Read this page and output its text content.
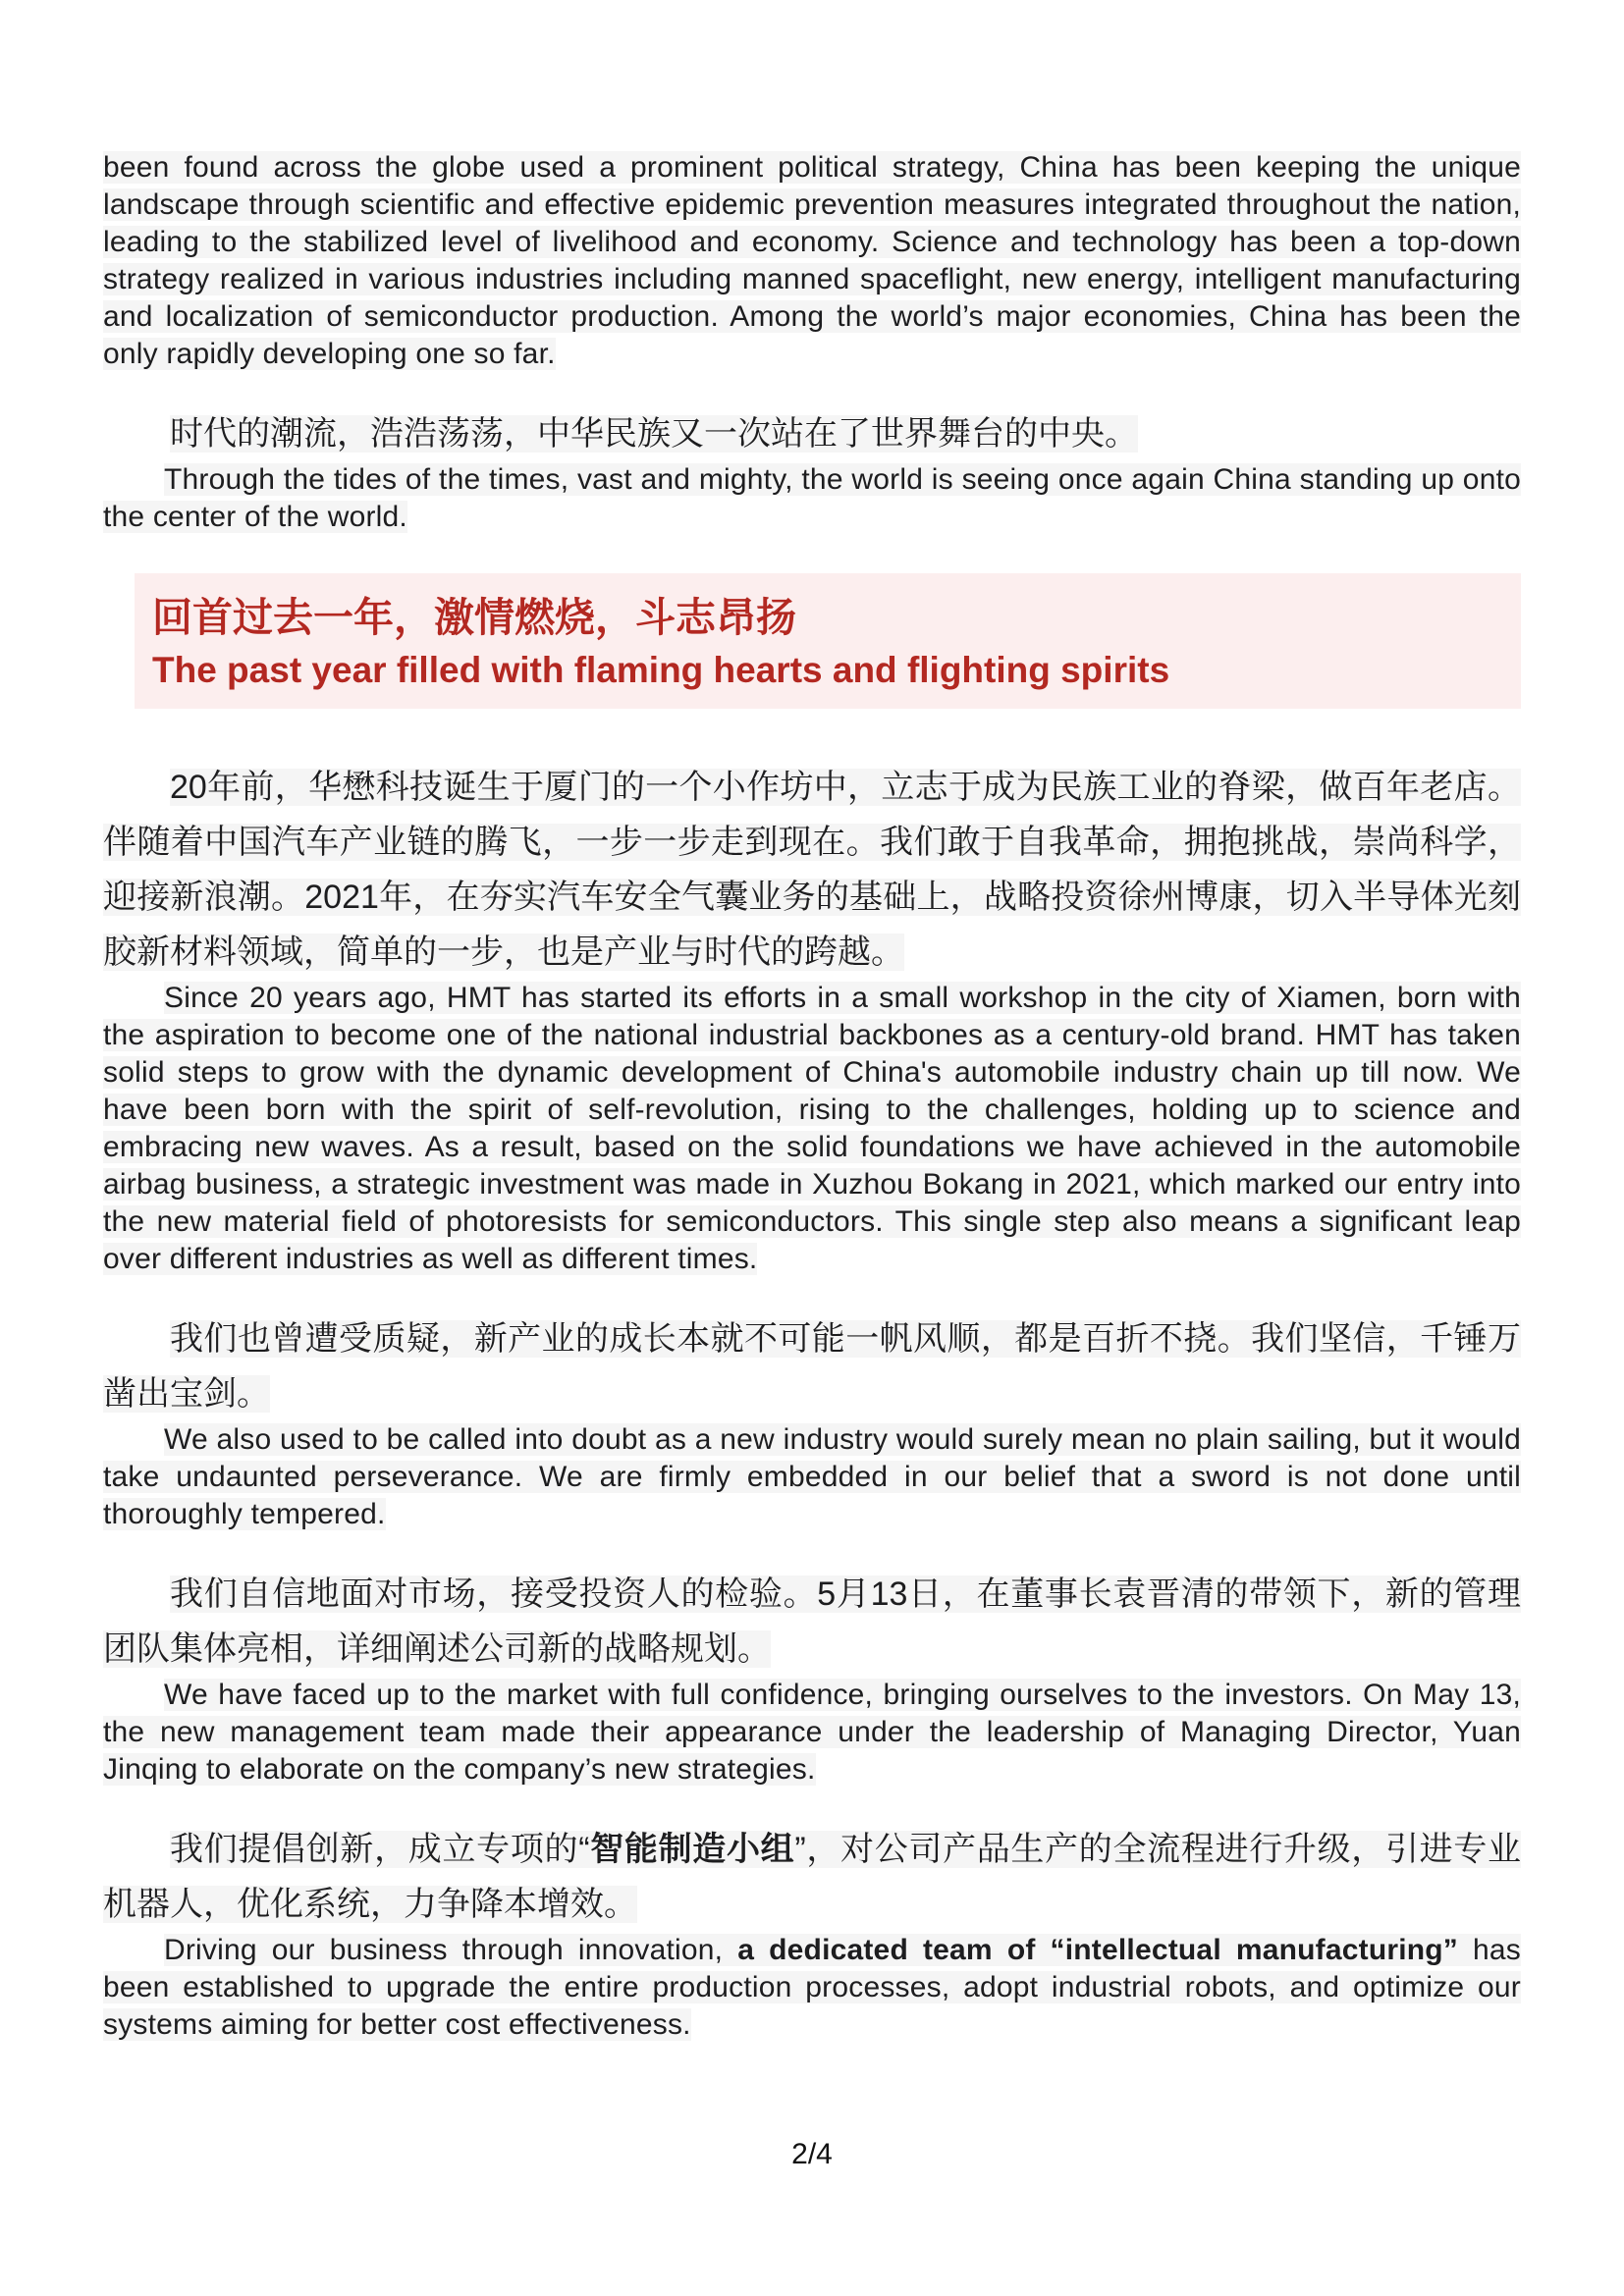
been found across the globe used a prominent political strategy, China has been keeping the unique landscape through scientific and effective epidemic prevention measures integrated throughout the nation, leading to the stabilized level of livelihood and economy. Science and technology has been a top-down strategy realized in various industries including manned spaceflight, new energy, intelligent manufacturing and localization of semiconductor production. Among the world’s major economies, China has been the only rapidly developing one so far.

时代的潮流，浩浩荡荡，中华民族又一次站在了世界舞台的中央。

Through the tides of the times, vast and mighty, the world is seeing once again China standing up onto the center of the world.

回首过去一年，激情燃烧，斗志昂扬
The past year filled with flaming hearts and flighting spirits

20年前，华懋科技诞生于厦门的一个小作坊中，立志于成为民族工业的脊梁，做百年老店。伴随着中国汽车产业链的腾飞，一步一步走到现在。我们敢于自我革命，拥抱挑战，崇尚科学，迎接新浪潮。2021年，在夯实汽车安全气囊业务的基础上，战略投资徐州博康，切入半导体光刻胶新材料领域，简单的一步，也是产业与时代的跨越。

Since 20 years ago, HMT has started its efforts in a small workshop in the city of Xiamen, born with the aspiration to become one of the national industrial backbones as a century-old brand. HMT has taken solid steps to grow with the dynamic development of China's automobile industry chain up till now. We have been born with the spirit of self-revolution, rising to the challenges, holding up to science and embracing new waves. As a result, based on the solid foundations we have achieved in the automobile airbag business, a strategic investment was made in Xuzhou Bokang in 2021, which marked our entry into the new material field of photoresists for semiconductors. This single step also means a significant leap over different industries as well as different times.

我们也曾遭受质疑，新产业的成长本就不可能一帆风顺，都是百折不挠。我们坚信，千锤万凿出宝剑。

We also used to be called into doubt as a new industry would surely mean no plain sailing, but it would take undaunted perseverance. We are firmly embedded in our belief that a sword is not done until thoroughly tempered.

我们自信地面对市场，接受投资人的检验。5月13日，在董事长袁晋清的带领下，新的管理团队集体亮相，详细阐述公司新的战略规划。

We have faced up to the market with full confidence, bringing ourselves to the investors. On May 13, the new management team made their appearance under the leadership of Managing Director, Yuan Jinqing to elaborate on the company’s new strategies.

我们提倡创新，成立专项的“智能制造小组”，对公司产品生产的全流程进行升级，引进专业机器人，优化系统，力争降本增效。

Driving our business through innovation, a dedicated team of “intellectual manufacturing” has been established to upgrade the entire production processes, adopt industrial robots, and optimize our systems aiming for better cost effectiveness.

2/4
